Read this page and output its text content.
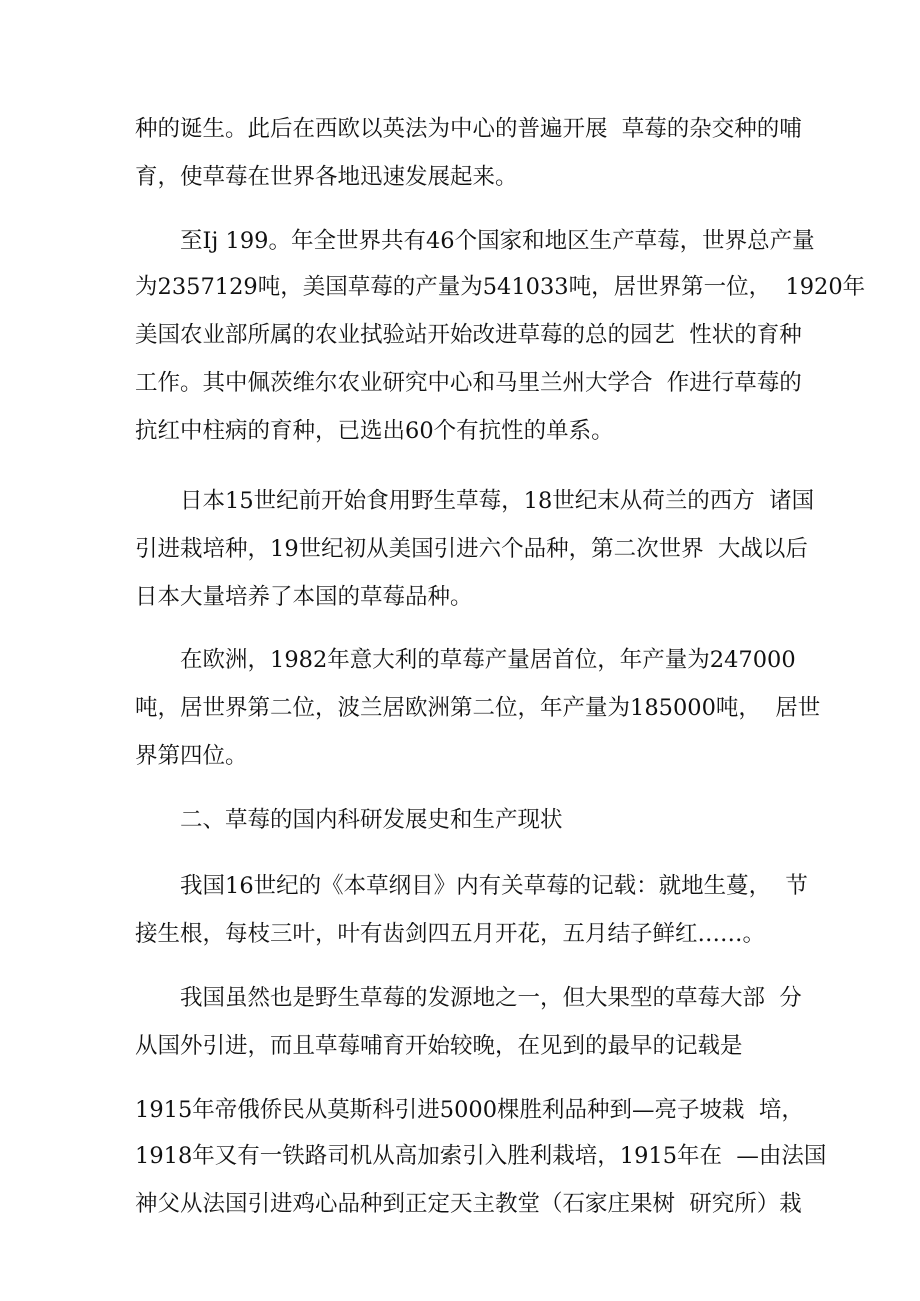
种的诞生。此后在西欧以英法为中心的普遍开展  草莓的杂交种的哺
育，使草莓在世界各地迅速发展起来。
至Ij 199。年全世界共有46个国家和地区生产草莓，世界总产量
为2357129吨，美国草莓的产量为541033吨，居世界第一位，  1920年
美国农业部所属的农业拭验站开始改进草莓的总的园艺  性状的育种
工作。其中佩茨维尔农业研究中心和马里兰州大学合  作进行草莓的
抗红中柱病的育种，已选出60个有抗性的单系。
日本15世纪前开始食用野生草莓，18世纪末从荷兰的西方  诸国
引进栽培种，19世纪初从美国引进六个品种，第二次世界  大战以后
日本大量培养了本国的草莓品种。
在欧洲，1982年意大利的草莓产量居首位，年产量为247000
吨，居世界第二位，波兰居欧洲第二位，年产量为185000吨，  居世
界第四位。
二、草莓的国内科研发展史和生产现状
我国16世纪的《本草纲目》内有关草莓的记载：就地生蔓，  节
接生根，每枝三叶，叶有齿剑四五月开花，五月结子鲜红……。
我国虽然也是野生草莓的发源地之一，但大果型的草莓大部  分
从国外引进，而且草莓哺育开始较晚，在见到的最早的记载是
1915年帝俄侨民从莫斯科引进5000棵胜利品种到—亮子坡栽  培，
1918年又有一铁路司机从高加索引入胜利栽培，1915年在  —由法国
神父从法国引进鸡心品种到正定天主教堂（石家庄果树  研究所）栽
